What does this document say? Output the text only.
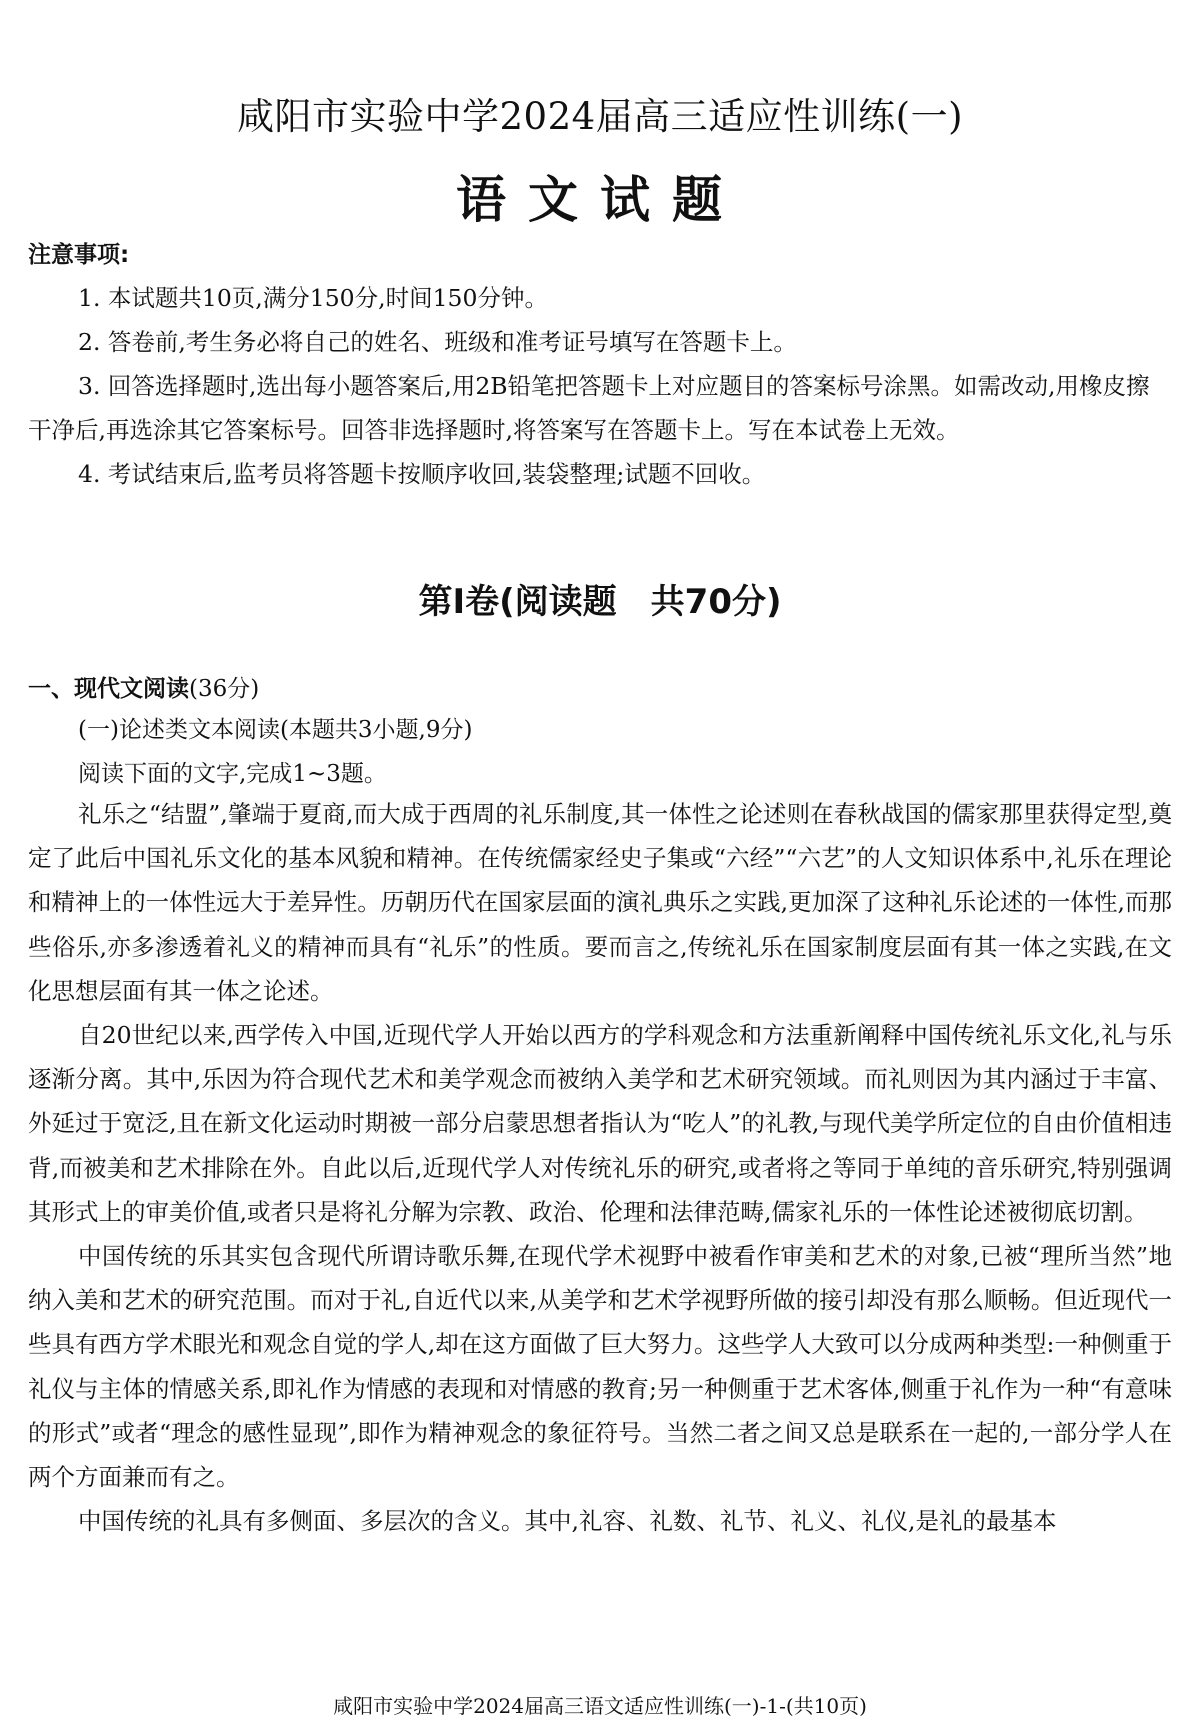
咸阳市实验中学2024届高三适应性训练(一)
语文试题
注意事项:

1. 本试题共10页,满分150分,时间150分钟。

2. 答卷前,考生务必将自己的姓名、班级和准考证号填写在答题卡上。

3. 回答选择题时,选出每小题答案后,用2B铅笔把答题卡上对应题目的答案标号涂黑。如需改动,用橡皮擦干净后,再选涂其它答案标号。回答非选择题时,将答案写在答题卡上。写在本试卷上无效。

4. 考试结束后,监考员将答题卡按顺序收回,装袋整理;试题不回收。

第Ⅰ卷(阅读题　共70分)
一、现代文阅读(36分)
(一)论述类文本阅读(本题共3小题,9分)
阅读下面的文字,完成1~3题。

礼乐之“结盟”,肇端于夏商,而大成于西周的礼乐制度,其一体性之论述则在春秋战国的儒家那里获得定型,奠定了此后中国礼乐文化的基本风貌和精神。在传统儒家经史子集或“六经”“六艺”的人文知识体系中,礼乐在理论和精神上的一体性远大于差异性。历朝历代在国家层面的演礼典乐之实践,更加深了这种礼乐论述的一体性,而那些俗乐,亦多渗透着礼义的精神而具有“礼乐”的性质。要而言之,传统礼乐在国家制度层面有其一体之实践,在文化思想层面有其一体之论述。

自20世纪以来,西学传入中国,近现代学人开始以西方的学科观念和方法重新阐释中国传统礼乐文化,礼与乐逐渐分离。其中,乐因为符合现代艺术和美学观念而被纳入美学和艺术研究领域。而礼则因为其内涵过于丰富、外延过于宽泛,且在新文化运动时期被一部分启蒙思想者指认为“吃人”的礼教,与现代美学所定位的自由价值相违背,而被美和艺术排除在外。自此以后,近现代学人对传统礼乐的研究,或者将之等同于单纯的音乐研究,特别强调其形式上的审美价值,或者只是将礼分解为宗教、政治、伦理和法律范畴,儒家礼乐的一体性论述被彻底切割。

中国传统的乐其实包含现代所谓诗歌乐舞,在现代学术视野中被看作审美和艺术的对象,已被“理所当然”地纳入美和艺术的研究范围。而对于礼,自近代以来,从美学和艺术学视野所做的接引却没有那么顺畅。但近现代一些具有西方学术眼光和观念自觉的学人,却在这方面做了巨大努力。这些学人大致可以分成两种类型:一种侧重于礼仪与主体的情感关系,即礼作为情感的表现和对情感的教育;另一种侧重于艺术客体,侧重于礼作为一种“有意味的形式”或者“理念的感性显现”,即作为精神观念的象征符号。当然二者之间又总是联系在一起的,一部分学人在两个方面兼而有之。

中国传统的礼具有多侧面、多层次的含义。其中,礼容、礼数、礼节、礼义、礼仪,是礼的最基本

咸阳市实验中学2024届高三语文适应性训练(一)-1-(共10页)
